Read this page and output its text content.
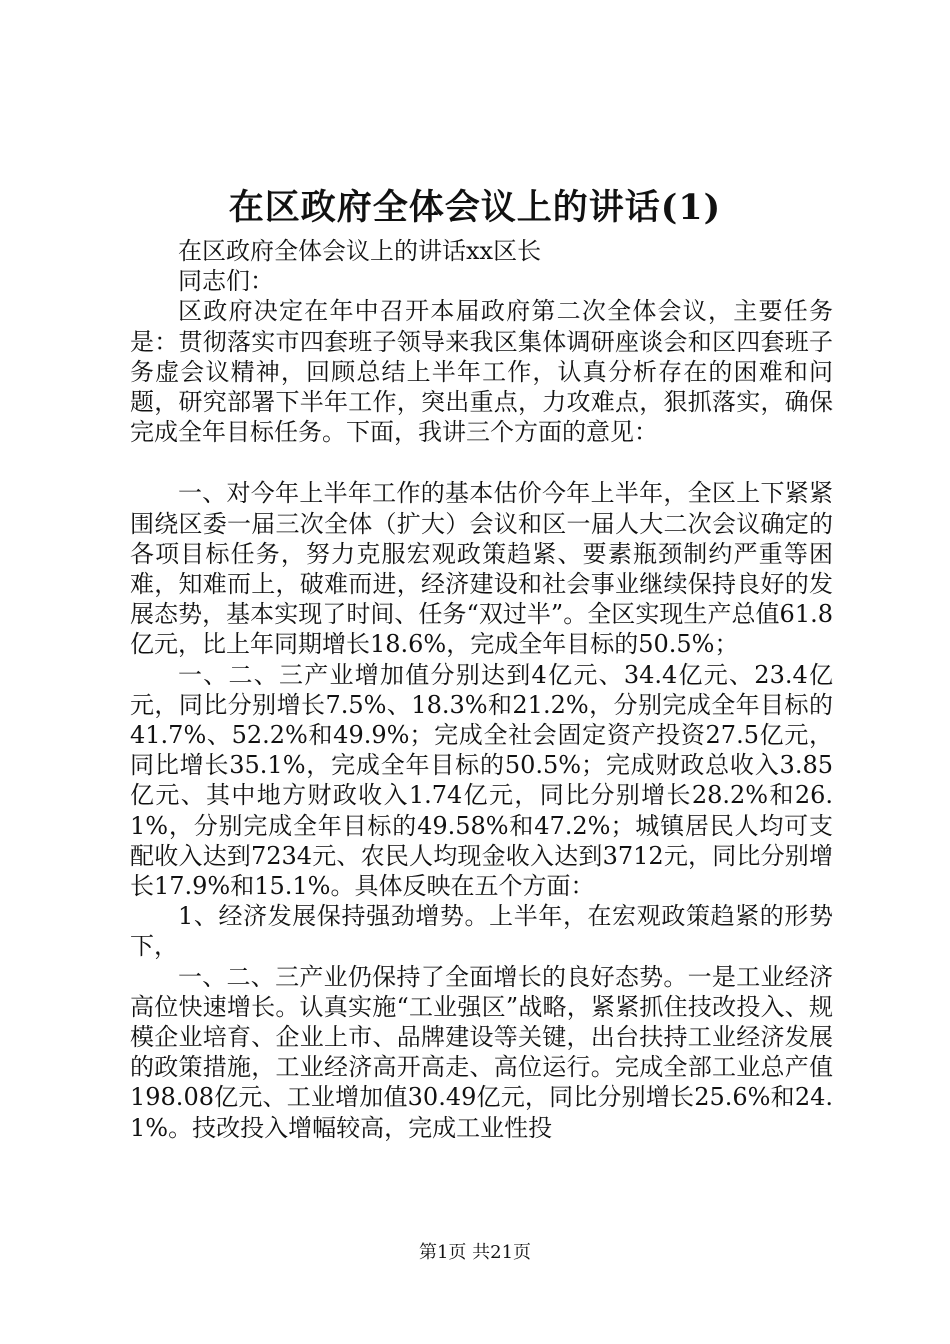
在区政府全体会议上的讲话(1)

在区政府全体会议上的讲话xx区长

同志们：

区政府决定在年中召开本届政府第二次全体会议，主要任务是：贯彻落实市四套班子领导来我区集体调研座谈会和区四套班子务虚会议精神，回顾总结上半年工作，认真分析存在的困难和问题，研究部署下半年工作，突出重点，力攻难点，狠抓落实，确保完成全年目标任务。下面，我讲三个方面的意见：

一、对今年上半年工作的基本估价今年上半年，全区上下紧紧围绕区委一届三次全体（扩大）会议和区一届人大二次会议确定的各项目标任务，努力克服宏观政策趋紧、要素瓶颈制约严重等困难，知难而上，破难而进，经济建设和社会事业继续保持良好的发展态势，基本实现了时间、任务“双过半”。全区实现生产总值61.8亿元，比上年同期增长18.6%，完成全年目标的50.5%；

一、二、三产业增加值分别达到4亿元、34.4亿元、23.4亿元，同比分别增长7.5%、18.3%和21.2%，分别完成全年目标的41.7%、52.2%和49.9%；完成全社会固定资产投资27.5亿元，同比增长35.1%，完成全年目标的50.5%；完成财政总收入3.85亿元、其中地方财政收入1.74亿元，同比分别增长28.2%和26.1%，分别完成全年目标的49.58%和47.2%；城镇居民人均可支配收入达到7234元、农民人均现金收入达到3712元，同比分别增长17.9%和15.1%。具体反映在五个方面：

1、经济发展保持强劲增势。上半年，在宏观政策趋紧的形势下，

一、二、三产业仍保持了全面增长的良好态势。一是工业经济高位快速增长。认真实施“工业强区”战略，紧紧抓住技改投入、规模企业培育、企业上市、品牌建设等关键，出台扶持工业经济发展的政策措施，工业经济高开高走、高位运行。完成全部工业总产值198.08亿元、工业增加值30.49亿元，同比分别增长25.6%和24.1%。技改投入增幅较高，完成工业性投

第1页 共21页
